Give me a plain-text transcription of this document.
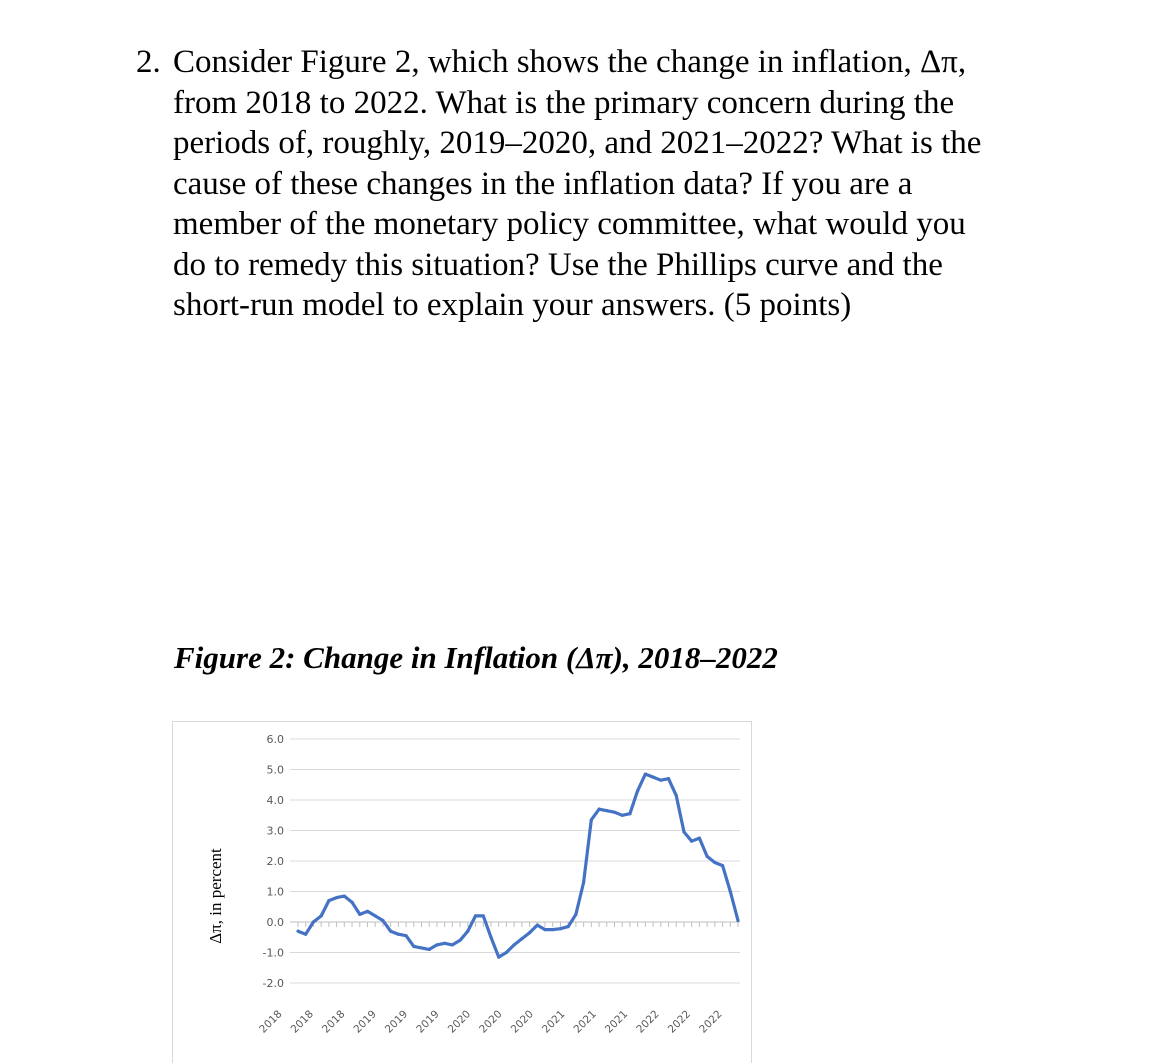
2. Consider Figure 2, which shows the change in inflation, Δπ,
from 2018 to 2022. What is the primary concern during the
periods of, roughly, 2019–2020, and 2021–2022? What is the
cause of these changes in the inflation data? If you are a
member of the monetary policy committee, what would you
do to remedy this situation? Use the Phillips curve and the
short-run model to explain your answers. (5 points)
Figure 2: Change in Inflation (Δπ), 2018–2022
6.0
5.0
4.0
3.0
2.0
1.0
0.0
-1.0
-2.0
2018 2018 2018 2019 2019 2019 2020 2020 2020 2021 2021 2021 2022 2022 2022
Δπ, in percent
